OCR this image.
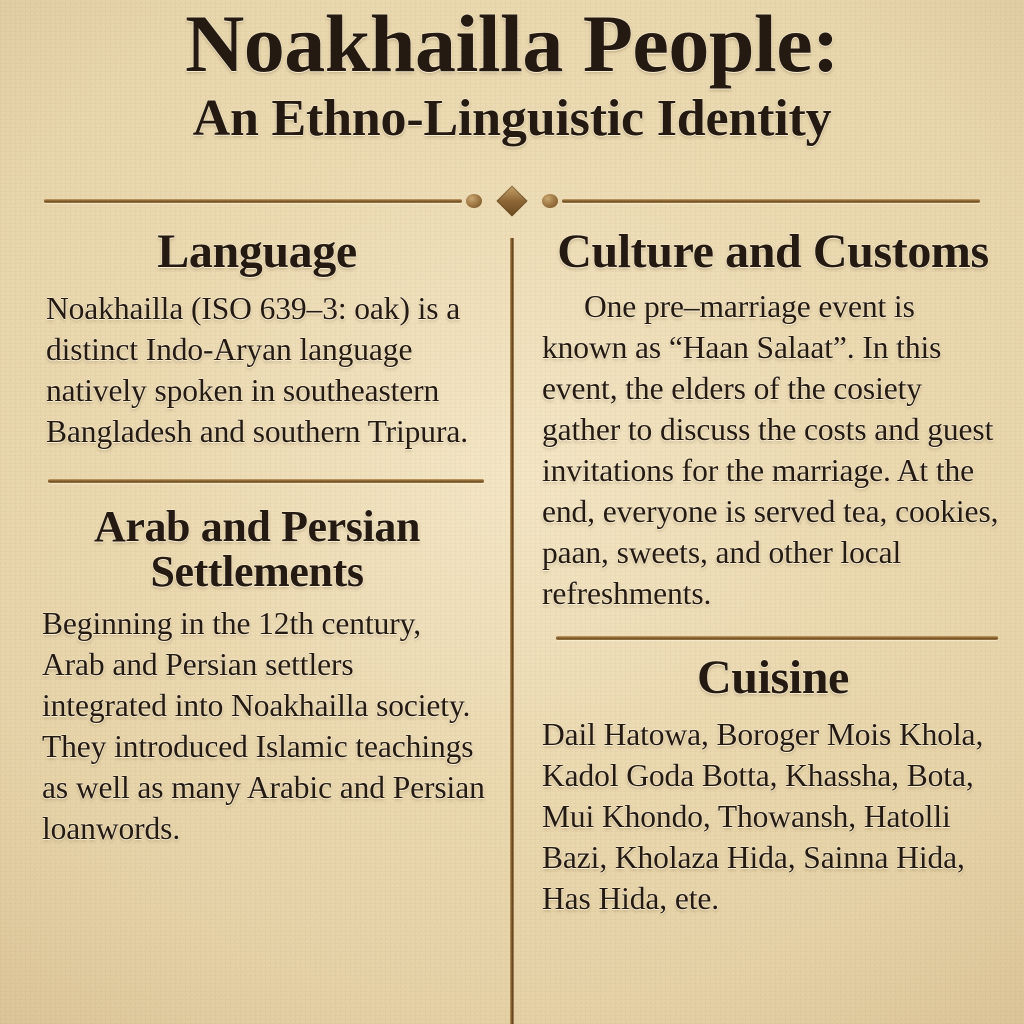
Noakhailla People:
An Ethno-Linguistic Identity
Language

Noakhailla (ISO 639–3: oak) is a distinct Indo-Aryan language natively spoken in southeastern Bangladesh and southern Tripura.

Arab and Persian
Settlements

Beginning in the 12th century, Arab and Persian settlers integrated into Noakhailla society. They introduced Islamic teachings as well as many Arabic and Persian loanwords.

Culture and Customs

One pre–marriage event is known as “Haan Salaat”. In this event, the elders of the cosiety gather to discuss the costs and guest invitations for the marriage. At the end, everyone is served tea, cookies, paan, sweets, and other local refreshments.

Cuisine

Dail Hatowa, Boroger Mois Khola, Kadol Goda Botta, Khassha, Bota, Mui Khondo, Thowansh, Hatolli Bazi, Kholaza Hida, Sainna Hida, Has Hida, ete.
